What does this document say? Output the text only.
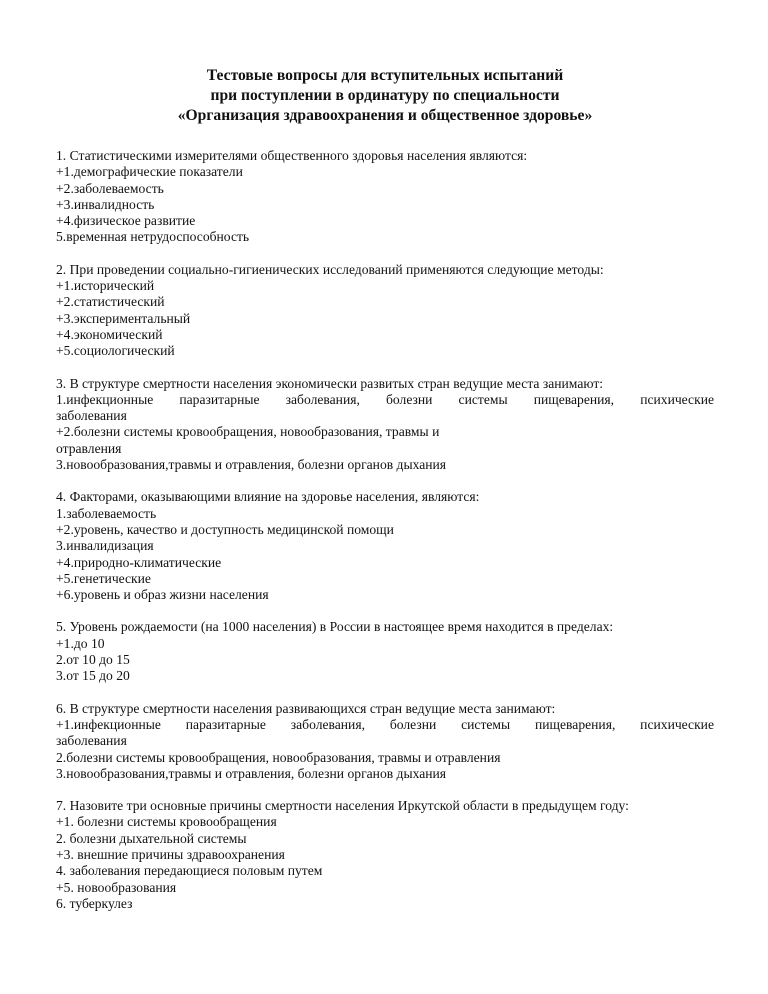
Тестовые вопросы для вступительных испытаний
при поступлении в ординатуру по специальности
«Организация здравоохранения и общественное здоровье»
1. Статистическими измерителями общественного здоровья населения являются:
+1.демографические показатели
+2.заболеваемость
+3.инвалидность
+4.физическое развитие
5.временная нетрудоспособность
2. При проведении социально-гигиенических исследований применяются следующие методы:
+1.исторический
+2.статистический
+3.экспериментальный
+4.экономический
+5.социологический
3. В структуре смертности населения экономически развитых стран ведущие места занимают:
1.инфекционные паразитарные заболевания, болезни системы пищеварения, психические
заболевания
+2.болезни системы кровообращения, новообразования, травмы и
отравления
3.новообразования,травмы и отравления, болезни органов дыхания
4. Факторами, оказывающими влияние на здоровье населения, являются:
1.заболеваемость
+2.уровень, качество и доступность медицинской помощи
3.инвалидизация
+4.природно-климатические
+5.генетические
+6.уровень и образ жизни населения
5. Уровень рождаемости (на 1000 населения) в России в настоящее время находится в пределах:
+1.до 10
2.от 10 до 15
3.от 15 до 20
6. В структуре смертности населения развивающихся стран ведущие места занимают:
+1.инфекционные паразитарные заболевания, болезни системы пищеварения, психические
заболевания
2.болезни системы кровообращения, новообразования, травмы и отравления
3.новообразования,травмы и отравления, болезни органов дыхания
7. Назовите три основные причины смертности населения Иркутской области в предыдущем году:
+1. болезни системы кровообращения
2. болезни дыхательной системы
+3. внешние причины здравоохранения
4. заболевания передающиеся половым путем
+5. новообразования
6. туберкулез
